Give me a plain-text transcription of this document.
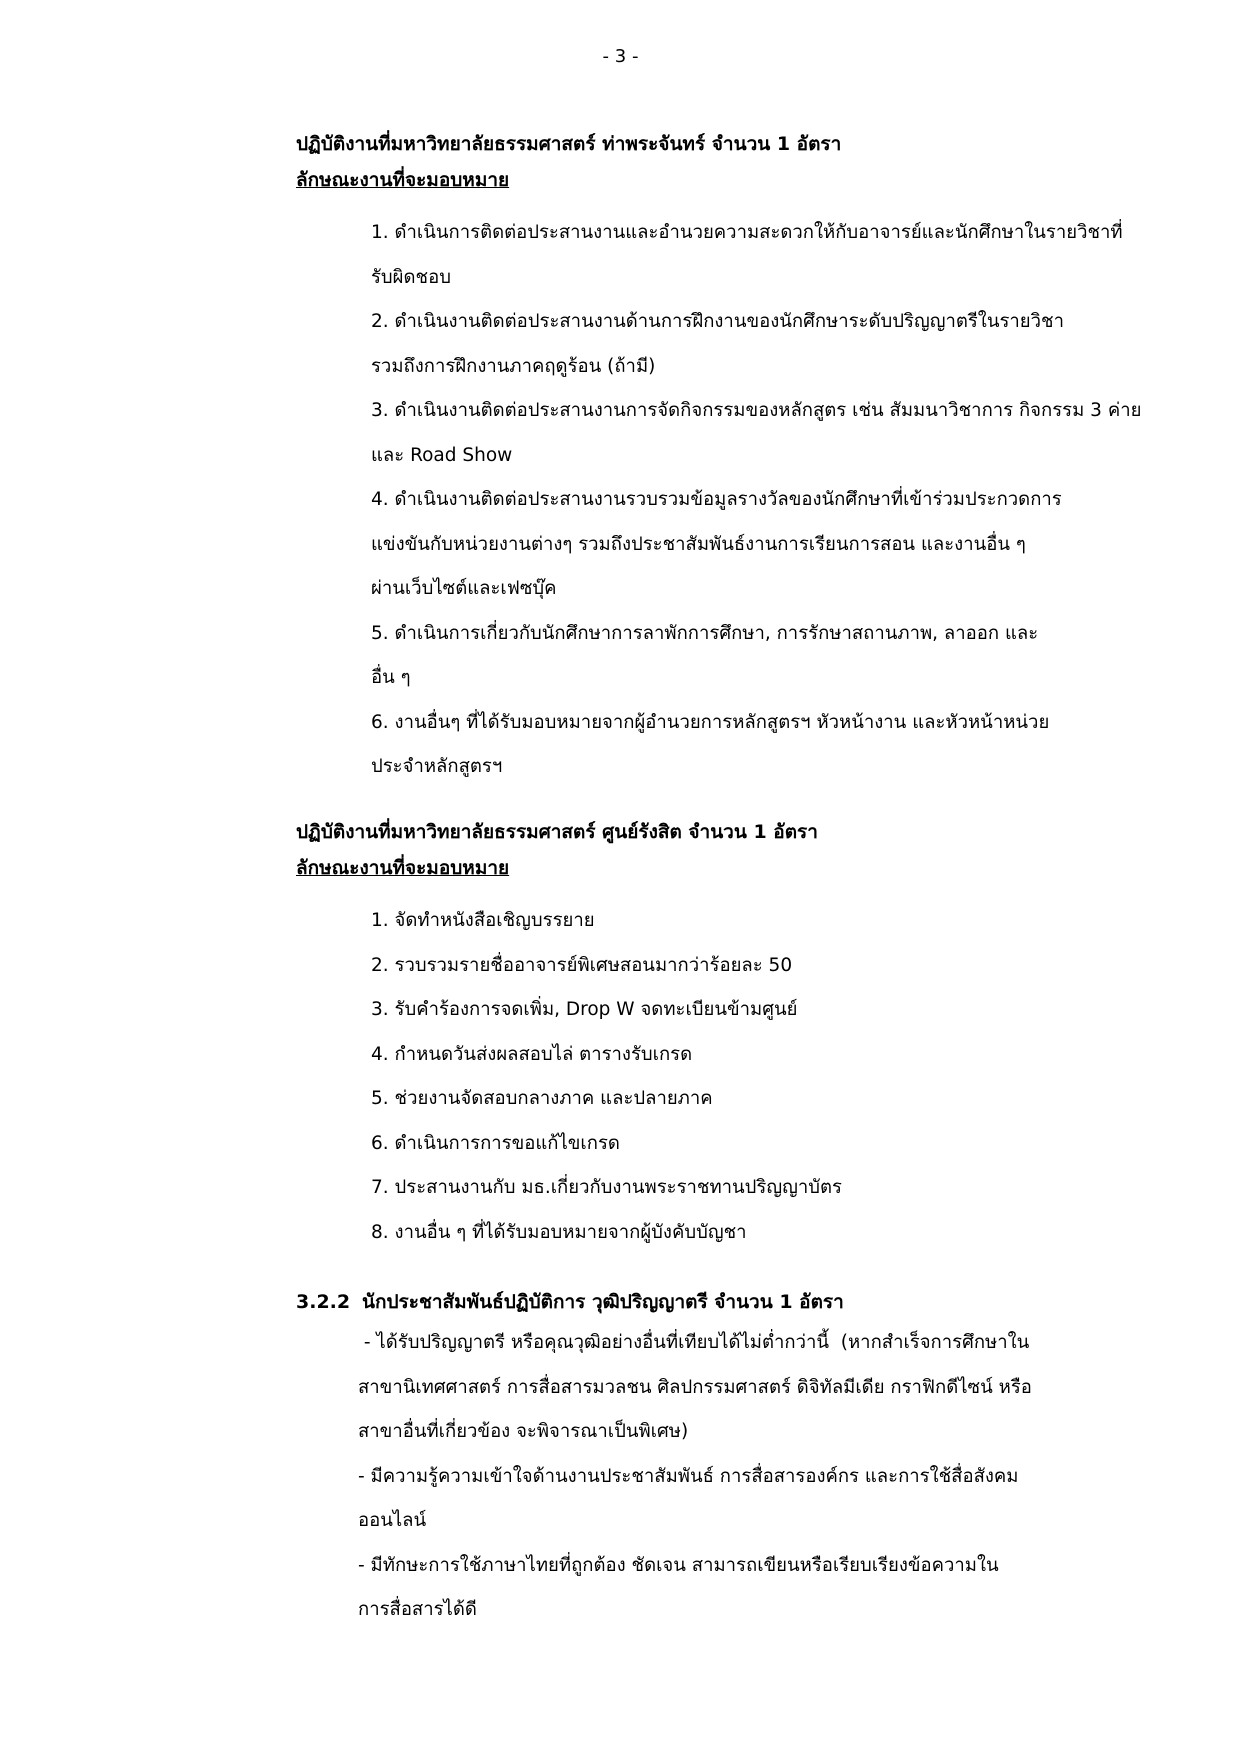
- 3 -
ปฏิบัติงานที่มหาวิทยาลัยธรรมศาสตร์ ท่าพระจันทร์ จำนวน 1 อัตรา
ลักษณะงานที่จะมอบหมาย
1. ดำเนินการติดต่อประสานงานและอำนวยความสะดวกให้กับอาจารย์และนักศึกษาในรายวิชาที่
รับผิดชอบ
2. ดำเนินงานติดต่อประสานงานด้านการฝึกงานของนักศึกษาระดับปริญญาตรีในรายวิชา
รวมถึงการฝึกงานภาคฤดูร้อน (ถ้ามี)
3. ดำเนินงานติดต่อประสานงานการจัดกิจกรรมของหลักสูตร เช่น สัมมนาวิชาการ กิจกรรม 3 ค่าย
และ Road Show
4. ดำเนินงานติดต่อประสานงานรวบรวมข้อมูลรางวัลของนักศึกษาที่เข้าร่วมประกวดการ
แข่งขันกับหน่วยงานต่างๆ รวมถึงประชาสัมพันธ์งานการเรียนการสอน และงานอื่น ๆ
ผ่านเว็บไซต์และเฟซบุ๊ค
5. ดำเนินการเกี่ยวกับนักศึกษาการลาพักการศึกษา, การรักษาสถานภาพ, ลาออก และ
อื่น ๆ
6. งานอื่นๆ ที่ได้รับมอบหมายจากผู้อำนวยการหลักสูตรฯ หัวหน้างาน และหัวหน้าหน่วย
ประจำหลักสูตรฯ
ปฏิบัติงานที่มหาวิทยาลัยธรรมศาสตร์ ศูนย์รังสิต จำนวน 1 อัตรา
ลักษณะงานที่จะมอบหมาย
1. จัดทำหนังสือเชิญบรรยาย
2. รวบรวมรายชื่ออาจารย์พิเศษสอนมากว่าร้อยละ 50
3. รับคำร้องการจดเพิ่ม, Drop W จดทะเบียนข้ามศูนย์
4. กำหนดวันส่งผลสอบไล่ ตารางรับเกรด
5. ช่วยงานจัดสอบกลางภาค และปลายภาค
6. ดำเนินการการขอแก้ไขเกรด
7. ประสานงานกับ มธ.เกี่ยวกับงานพระราชทานปริญญาบัตร
8. งานอื่น ๆ ที่ได้รับมอบหมายจากผู้บังคับบัญชา
3.2.2 นักประชาสัมพันธ์ปฏิบัติการ วุฒิปริญญาตรี จำนวน 1 อัตรา
- ได้รับปริญญาตรี หรือคุณวุฒิอย่างอื่นที่เทียบได้ไม่ต่ำกว่านี้  (หากสำเร็จการศึกษาใน
สาขานิเทศศาสตร์ การสื่อสารมวลชน ศิลปกรรมศาสตร์ ดิจิทัลมีเดีย กราฟิกดีไซน์ หรือ
สาขาอื่นที่เกี่ยวข้อง จะพิจารณาเป็นพิเศษ)
- มีความรู้ความเข้าใจด้านงานประชาสัมพันธ์ การสื่อสารองค์กร และการใช้สื่อสังคม
ออนไลน์
- มีทักษะการใช้ภาษาไทยที่ถูกต้อง ชัดเจน สามารถเขียนหรือเรียบเรียงข้อความใน
การสื่อสารได้ดี
